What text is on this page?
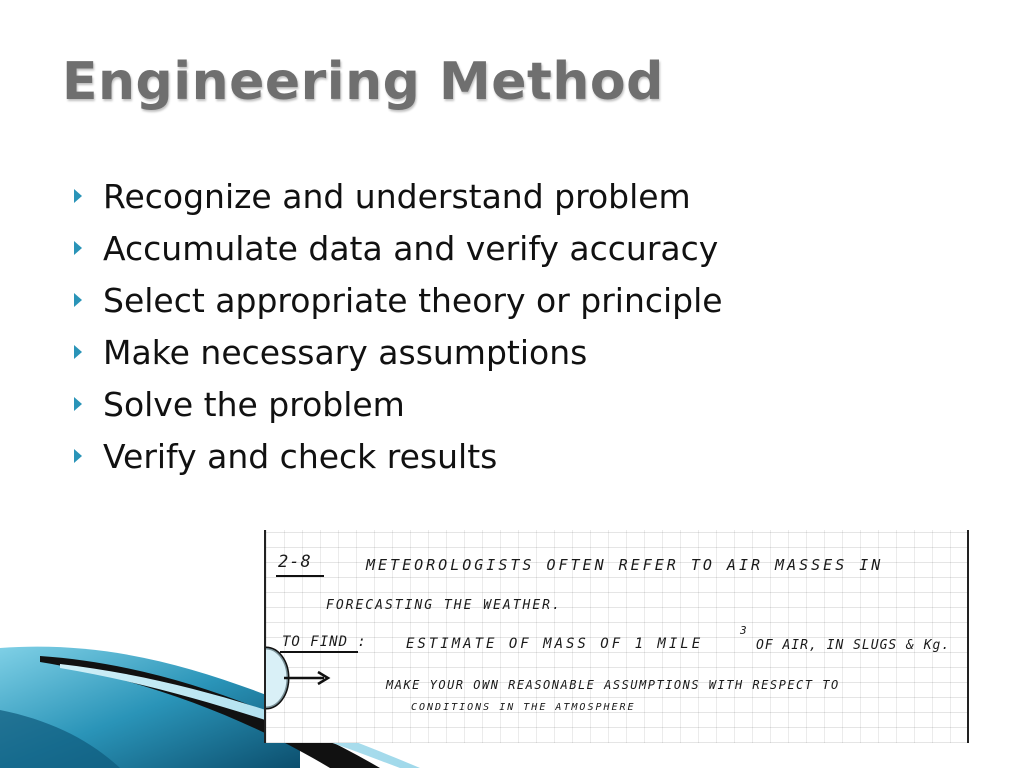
Engineering Method
Recognize and understand problem
Accumulate data and verify accuracy
Select appropriate theory or principle
Make necessary assumptions
Solve the problem
Verify and check results
2-8	METEOROLOGISTS OFTEN REFER TO AIR MASSES IN
FORECASTING THE WEATHER.
TO FIND :	ESTIMATE OF MASS OF 1 MILE
3
OF AIR, IN SLUGS & Kg.
MAKE YOUR OWN REASONABLE ASSUMPTIONS WITH RESPECT TO
CONDITIONS IN THE ATMOSPHERE
